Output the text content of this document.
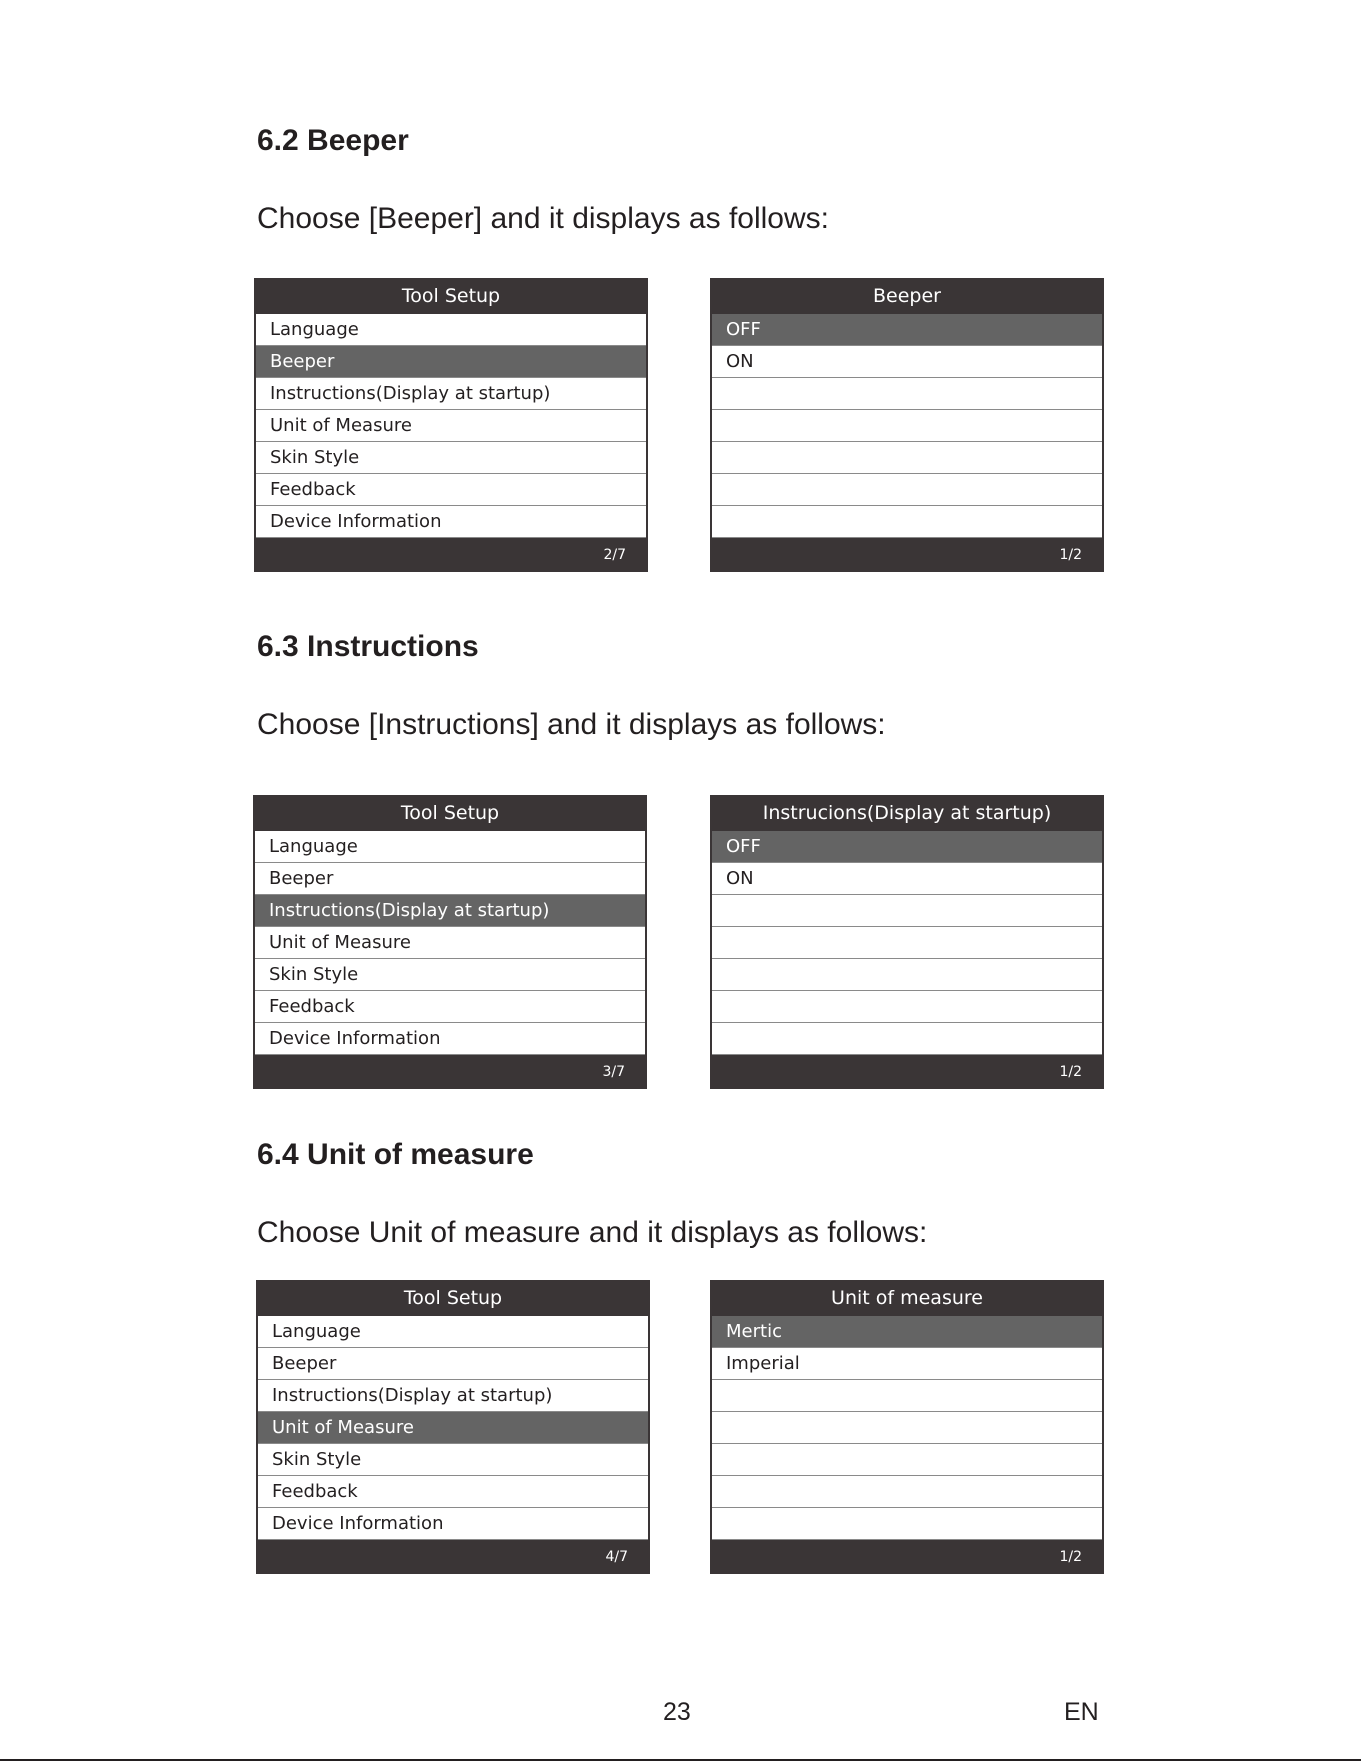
6.2 Beeper

Choose [Beeper] and it displays as follows:

Tool Setup
Language
Beeper
Instructions(Display at startup)
Unit of Measure
Skin Style
Feedback
Device Information
2/7
Beeper
OFF
ON
1/2
6.3 Instructions

Choose [Instructions] and it displays as follows:

Tool Setup
Language
Beeper
Instructions(Display at startup)
Unit of Measure
Skin Style
Feedback
Device Information
3/7
Instrucions(Display at startup)
OFF
ON
1/2
6.4 Unit of measure

Choose Unit of measure and it displays as follows:

Tool Setup
Language
Beeper
Instructions(Display at startup)
Unit of Measure
Skin Style
Feedback
Device Information
4/7
Unit of measure
Mertic
Imperial
1/2
23	EN
